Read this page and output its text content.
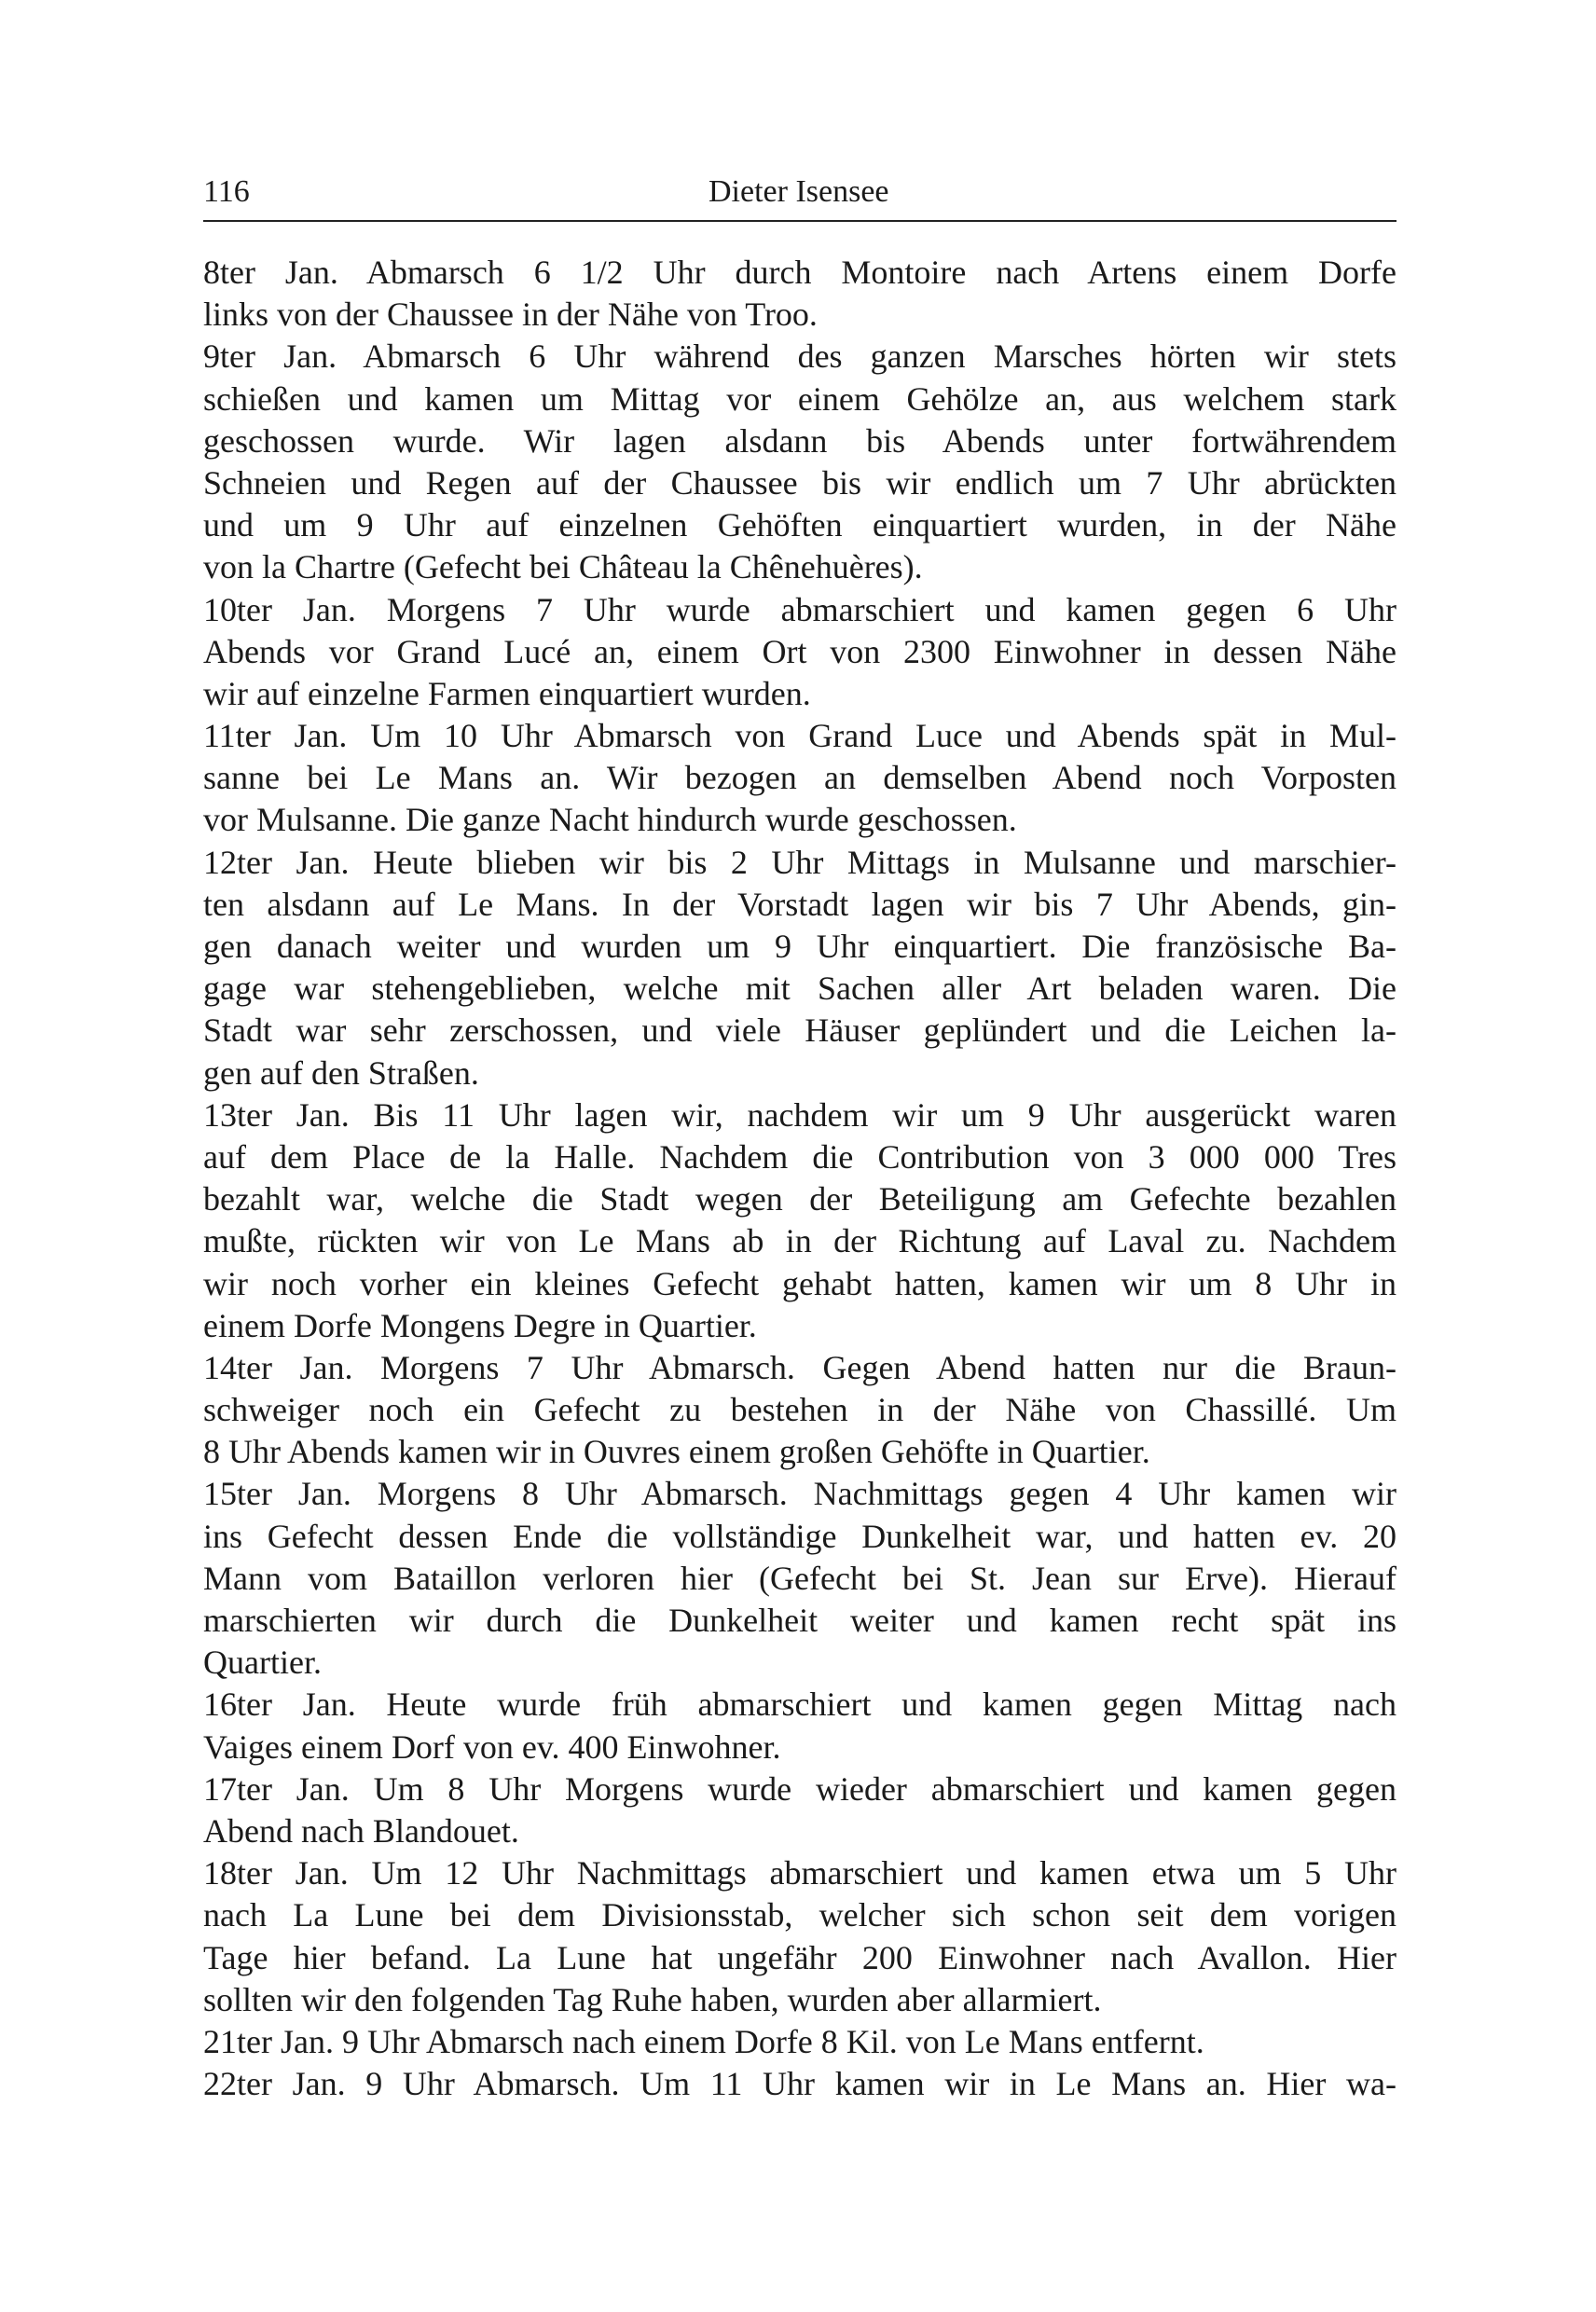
116	Dieter Isensee
8ter Jan. Abmarsch 6 1/2 Uhr durch Montoire nach Artens einem Dorfe
links von der Chaussee in der Nähe von Troo.
9ter Jan. Abmarsch 6 Uhr während des ganzen Marsches hörten wir stets
schießen und kamen um Mittag vor einem Gehölze an, aus welchem stark
geschossen wurde. Wir lagen alsdann bis Abends unter fortwährendem
Schneien und Regen auf der Chaussee bis wir endlich um 7 Uhr abrückten
und um 9 Uhr auf einzelnen Gehöften einquartiert wurden, in der Nähe
von la Chartre (Gefecht bei Château la Chênehuères).
10ter Jan. Morgens 7 Uhr wurde abmarschiert und kamen gegen 6 Uhr
Abends vor Grand Lucé an, einem Ort von 2300 Einwohner in dessen Nähe
wir auf einzelne Farmen einquartiert wurden.
11ter Jan. Um 10 Uhr Abmarsch von Grand Luce und Abends spät in Mul-
sanne bei Le Mans an. Wir bezogen an demselben Abend noch Vorposten
vor Mulsanne. Die ganze Nacht hindurch wurde geschossen.
12ter Jan. Heute blieben wir bis 2 Uhr Mittags in Mulsanne und marschier-
ten alsdann auf Le Mans. In der Vorstadt lagen wir bis 7 Uhr Abends, gin-
gen danach weiter und wurden um 9 Uhr einquartiert. Die französische Ba-
gage war stehengeblieben, welche mit Sachen aller Art beladen waren. Die
Stadt war sehr zerschossen, und viele Häuser geplündert und die Leichen la-
gen auf den Straßen.
13ter Jan. Bis 11 Uhr lagen wir, nachdem wir um 9 Uhr ausgerückt waren
auf dem Place de la Halle. Nachdem die Contribution von 3 000 000 Tres
bezahlt war, welche die Stadt wegen der Beteiligung am Gefechte bezahlen
mußte, rückten wir von Le Mans ab in der Richtung auf Laval zu. Nachdem
wir noch vorher ein kleines Gefecht gehabt hatten, kamen wir um 8 Uhr in
einem Dorfe Mongens Degre in Quartier.
14ter Jan. Morgens 7 Uhr Abmarsch. Gegen Abend hatten nur die Braun-
schweiger noch ein Gefecht zu bestehen in der Nähe von Chassillé. Um
8 Uhr Abends kamen wir in Ouvres einem großen Gehöfte in Quartier.
15ter Jan. Morgens 8 Uhr Abmarsch. Nachmittags gegen 4 Uhr kamen wir
ins Gefecht dessen Ende die vollständige Dunkelheit war, und hatten ev. 20
Mann vom Bataillon verloren hier (Gefecht bei St. Jean sur Erve). Hierauf
marschierten wir durch die Dunkelheit weiter und kamen recht spät ins
Quartier.
16ter Jan. Heute wurde früh abmarschiert und kamen gegen Mittag nach
Vaiges einem Dorf von ev. 400 Einwohner.
17ter Jan. Um 8 Uhr Morgens wurde wieder abmarschiert und kamen gegen
Abend nach Blandouet.
18ter Jan. Um 12 Uhr Nachmittags abmarschiert und kamen etwa um 5 Uhr
nach La Lune bei dem Divisionsstab, welcher sich schon seit dem vorigen
Tage hier befand. La Lune hat ungefähr 200 Einwohner nach Avallon. Hier
sollten wir den folgenden Tag Ruhe haben, wurden aber allarmiert.
21ter Jan. 9 Uhr Abmarsch nach einem Dorfe 8 Kil. von Le Mans entfernt.
22ter Jan. 9 Uhr Abmarsch. Um 11 Uhr kamen wir in Le Mans an. Hier wa-
